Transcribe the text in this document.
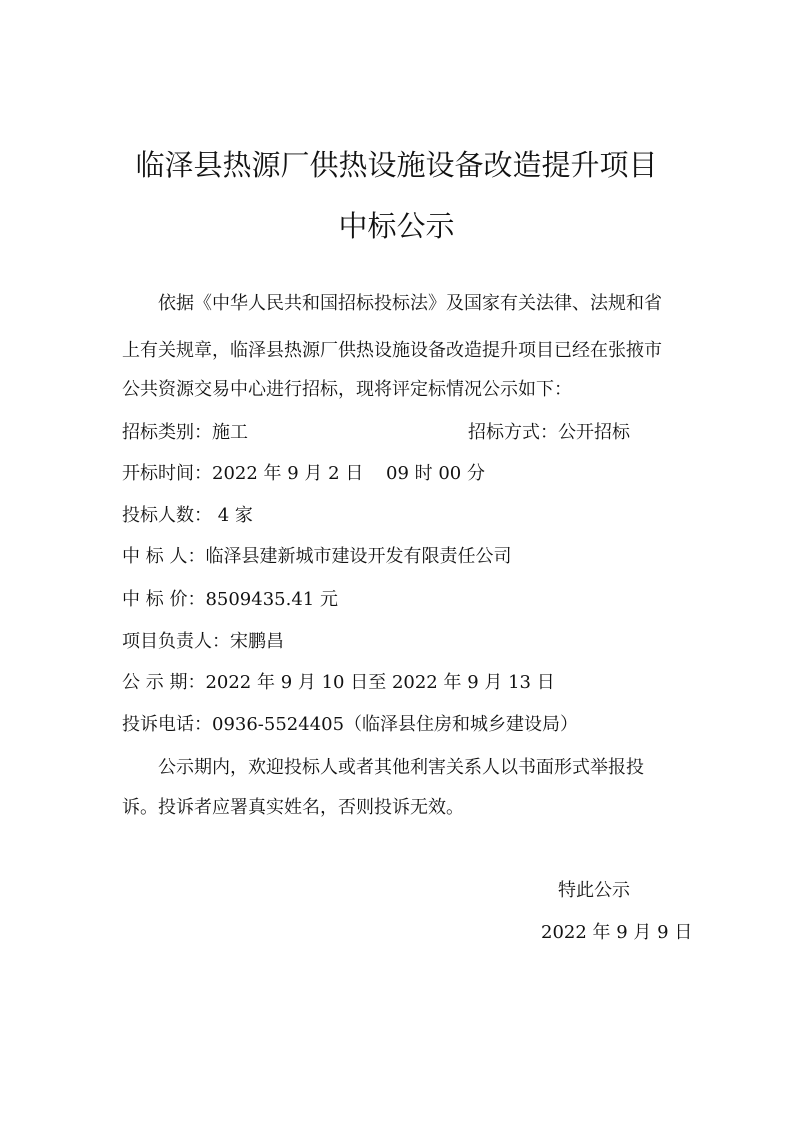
临泽县热源厂供热设施设备改造提升项目
中标公示
依据《中华人民共和国招标投标法》及国家有关法律、法规和省
上有关规章，临泽县热源厂供热设施设备改造提升项目已经在张掖市
公共资源交易中心进行招标，现将评定标情况公示如下：
招标类别：施工	招标方式：公开招标
开标时间：2022 年 9 月 2 日 09 时 00 分
投标人数： 4 家
中 标 人：临泽县建新城市建设开发有限责任公司
中 标 价：8509435.41 元
项目负责人：宋鹏昌
公 示 期：2022 年 9 月 10 日至 2022 年 9 月 13 日
投诉电话：0936-5524405（临泽县住房和城乡建设局）
公示期内，欢迎投标人或者其他利害关系人以书面形式举报投
诉。投诉者应署真实姓名，否则投诉无效。
特此公示
2022 年 9 月 9 日
